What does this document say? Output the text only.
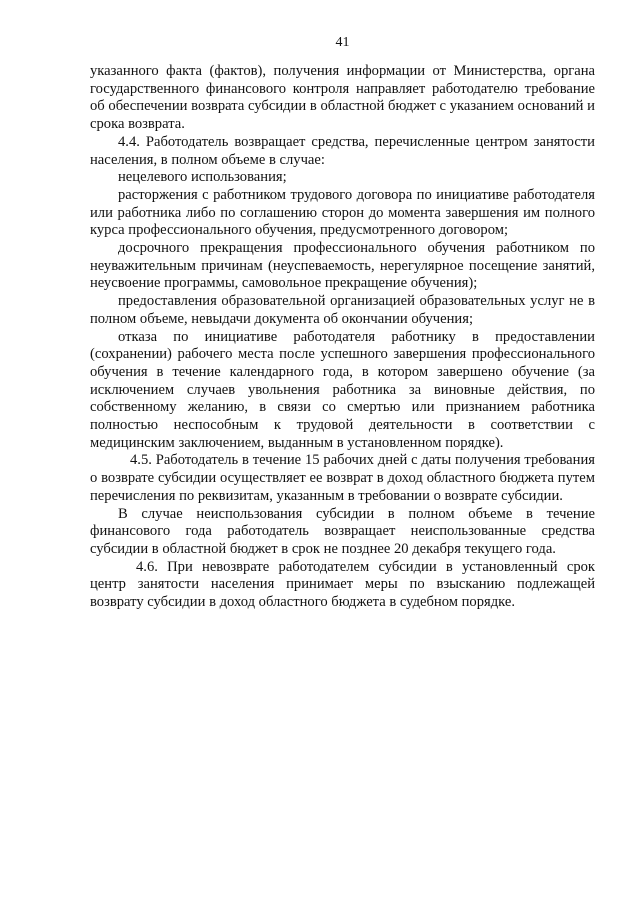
41

указанного факта (фактов), получения информации от Министерства, органа государственного финансового контроля направляет работодателю требование об обеспечении возврата субсидии в областной бюджет с указанием оснований и срока возврата.

4.4. Работодатель возвращает средства, перечисленные центром занятости населения, в полном объеме в случае:

нецелевого использования;

расторжения с работником трудового договора по инициативе работодателя или работника либо по соглашению сторон до момента завершения им полного курса профессионального обучения, предусмотренного договором;

досрочного прекращения профессионального обучения работником по неуважительным причинам (неуспеваемость, нерегулярное посещение занятий, неусвоение программы, самовольное прекращение обучения);

предоставления образовательной организацией образовательных услуг не в полном объеме, невыдачи документа об окончании обучения;

отказа по инициативе работодателя работнику в предоставлении (сохранении) рабочего места после успешного завершения профессионального обучения в течение календарного года, в котором завершено обучение (за исключением случаев увольнения работника за виновные действия, по собственному желанию, в связи со смертью или признанием работника полностью неспособным к трудовой деятельности в соответствии с медицинским заключением, выданным в установленном порядке).

4.5. Работодатель в течение 15 рабочих дней с даты получения требования о возврате субсидии осуществляет ее возврат в доход областного бюджета путем перечисления по реквизитам, указанным в требовании о возврате субсидии.

В случае неиспользования субсидии в полном объеме в течение финансового года работодатель возвращает неиспользованные средства субсидии в областной бюджет в срок не позднее 20 декабря текущего года.

4.6. При невозврате работодателем субсидии в установленный срок центр занятости населения принимает меры по взысканию подлежащей возврату субсидии в доход областного бюджета в судебном порядке.
